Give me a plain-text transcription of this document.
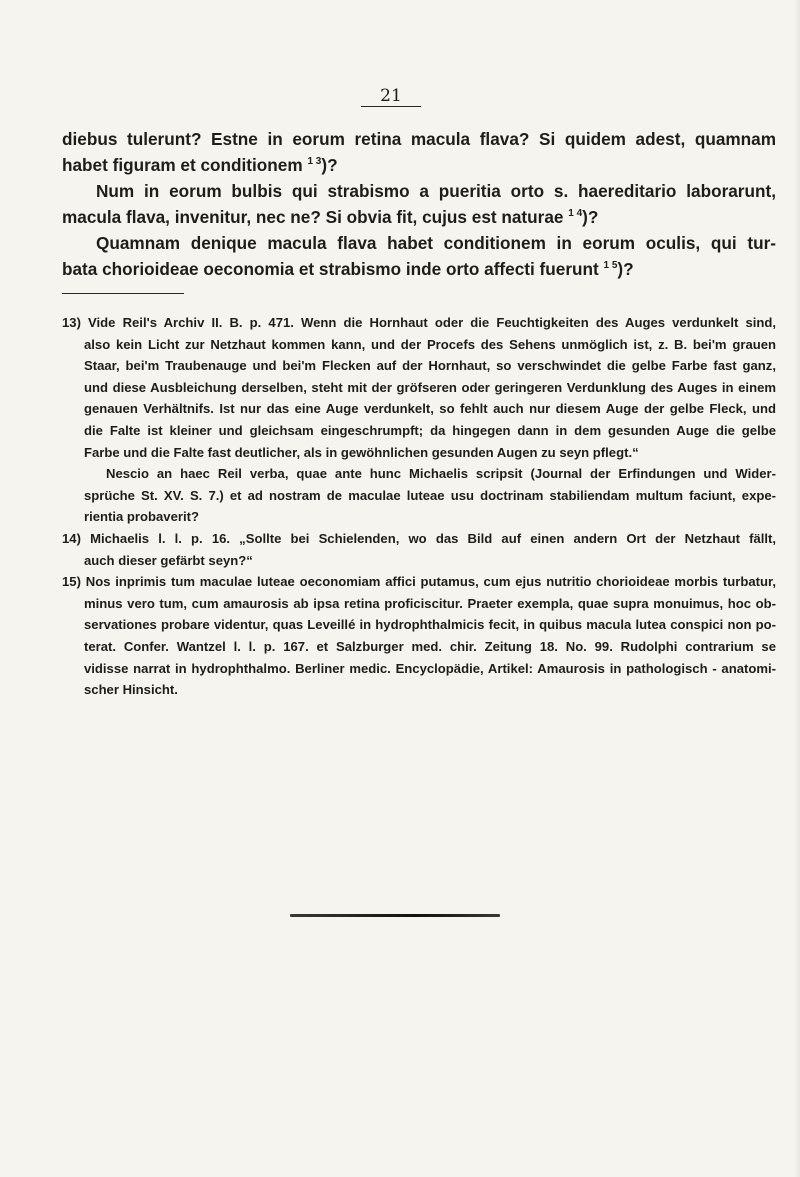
21

diebus tulerunt? Estne in eorum retina macula flava? Si quidem adest, quamnam
habet figuram et conditionem $^{1 3}$)?

Num in eorum bulbis qui strabismo a pueritia orto s. haereditario laborarunt,
macula flava, invenitur, nec ne? Si obvia fit, cujus est naturae $^{1 4}$)?

Quamnam denique macula flava habet conditionem in eorum oculis, qui tur-
bata chorioideae oeconomia et strabismo inde orto affecti fuerunt $^{1 5}$)?

13) Vide Reil's Archiv II. B. p. 471. Wenn die Hornhaut oder die Feuchtigkeiten des Auges verdunkelt sind,
also kein Licht zur Netzhaut kommen kann, und der Procefs des Sehens unmöglich ist, z. B. bei'm grauen
Staar, bei'm Traubenauge und bei'm Flecken auf der Hornhaut, so verschwindet die gelbe Farbe fast ganz,
und diese Ausbleichung derselben, steht mit der gröfseren oder geringeren Verdunklung des Auges in einem
genauen Verhältnifs. Ist nur das eine Auge verdunkelt, so fehlt auch nur diesem Auge der gelbe Fleck, und
die Falte ist kleiner und gleichsam eingeschrumpft; da hingegen dann in dem gesunden Auge die gelbe
Farbe und die Falte fast deutlicher, als in gewöhnlichen gesunden Augen zu seyn pflegt.“
Nescio an haec Reil verba, quae ante hunc Michaelis scripsit (Journal der Erfindungen und Wider-
sprüche St. XV. S. 7.) et ad nostram de maculae luteae usu doctrinam stabiliendam multum faciunt, expe-
rientia probaverit?
14) Michaelis l. l. p. 16. „Sollte bei Schielenden, wo das Bild auf einen andern Ort der Netzhaut fällt,
auch dieser gefärbt seyn?“
15) Nos inprimis tum maculae luteae oeconomiam affici putamus, cum ejus nutritio chorioideae morbis turbatur,
minus vero tum, cum amaurosis ab ipsa retina proficiscitur. Praeter exempla, quae supra monuimus, hoc ob-
servationes probare videntur, quas Leveillé in hydrophthalmicis fecit, in quibus macula lutea conspici non po-
terat. Confer. Wantzel l. l. p. 167. et Salzburger med. chir. Zeitung 18. No. 99. Rudolphi contrarium se
vidisse narrat in hydrophthalmo. Berliner medic. Encyclopädie, Artikel: Amaurosis in pathologisch - anatomi-
scher Hinsicht.
